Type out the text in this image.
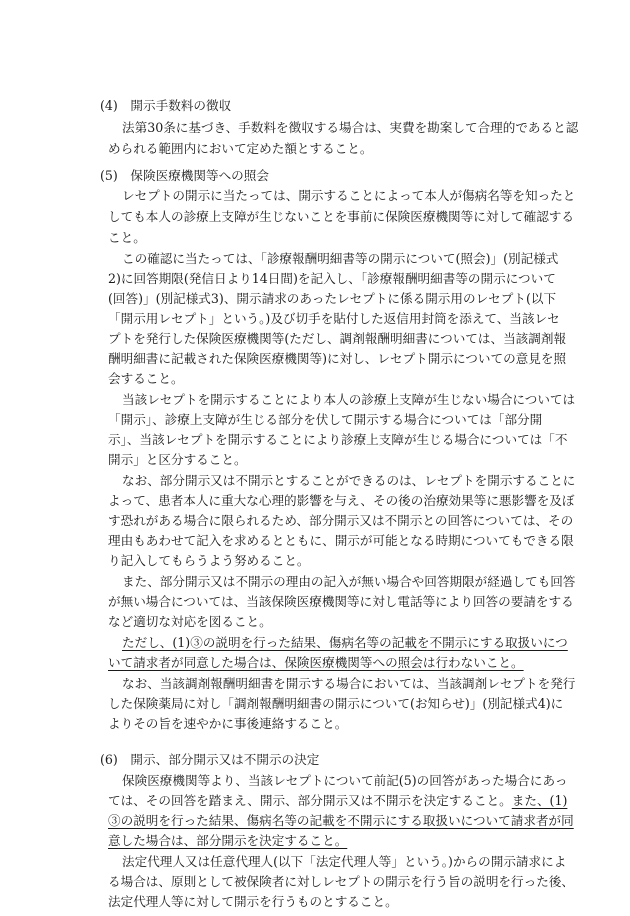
(4)　開示手数料の徴収
法第30条に基づき、手数料を徴収する場合は、実費を勘案して合理的であると認
められる範囲内において定めた額とすること。
(5)　保険医療機関等への照会
レセプトの開示に当たっては、開示することによって本人が傷病名等を知ったと
しても本人の診療上支障が生じないことを事前に保険医療機関等に対して確認する
こと。
この確認に当たっては、「診療報酬明細書等の開示について(照会)」(別記様式
2)に回答期限(発信日より14日間)を記入し、「診療報酬明細書等の開示について
(回答)」(別記様式3)、開示請求のあったレセプトに係る開示用のレセプト(以下
「開示用レセプト」という。)及び切手を貼付した返信用封筒を添えて、当該レセ
プトを発行した保険医療機関等(ただし、調剤報酬明細書については、当該調剤報
酬明細書に記載された保険医療機関等)に対し、レセプト開示についての意見を照
会すること。
当該レセプトを開示することにより本人の診療上支障が生じない場合については
「開示」、診療上支障が生じる部分を伏して開示する場合については「部分開
示」、当該レセプトを開示することにより診療上支障が生じる場合については「不
開示」と区分すること。
なお、部分開示又は不開示とすることができるのは、レセプトを開示することに
よって、患者本人に重大な心理的影響を与え、その後の治療効果等に悪影響を及ぼ
す恐れがある場合に限られるため、部分開示又は不開示との回答については、その
理由もあわせて記入を求めるとともに、開示が可能となる時期についてもできる限
り記入してもらうよう努めること。
また、部分開示又は不開示の理由の記入が無い場合や回答期限が経過しても回答
が無い場合については、当該保険医療機関等に対し電話等により回答の要請をする
など適切な対応を図ること。
ただし、(1)③の説明を行った結果、傷病名等の記載を不開示にする取扱いにつ
いて請求者が同意した場合は、保険医療機関等への照会は行わないこと。
なお、当該調剤報酬明細書を開示する場合においては、当該調剤レセプトを発行
した保険薬局に対し「調剤報酬明細書の開示について(お知らせ)」(別記様式4)に
よりその旨を速やかに事後連絡すること。
(6)　開示、部分開示又は不開示の決定
保険医療機関等より、当該レセプトについて前記(5)の回答があった場合にあっ
ては、その回答を踏まえ、開示、部分開示又は不開示を決定すること。また、(1)
③の説明を行った結果、傷病名等の記載を不開示にする取扱いについて請求者が同
意した場合は、部分開示を決定すること。
法定代理人又は任意代理人(以下「法定代理人等」という。)からの開示請求によ
る場合は、原則として被保険者に対しレセプトの開示を行う旨の説明を行った後、
法定代理人等に対して開示を行うものとすること。
